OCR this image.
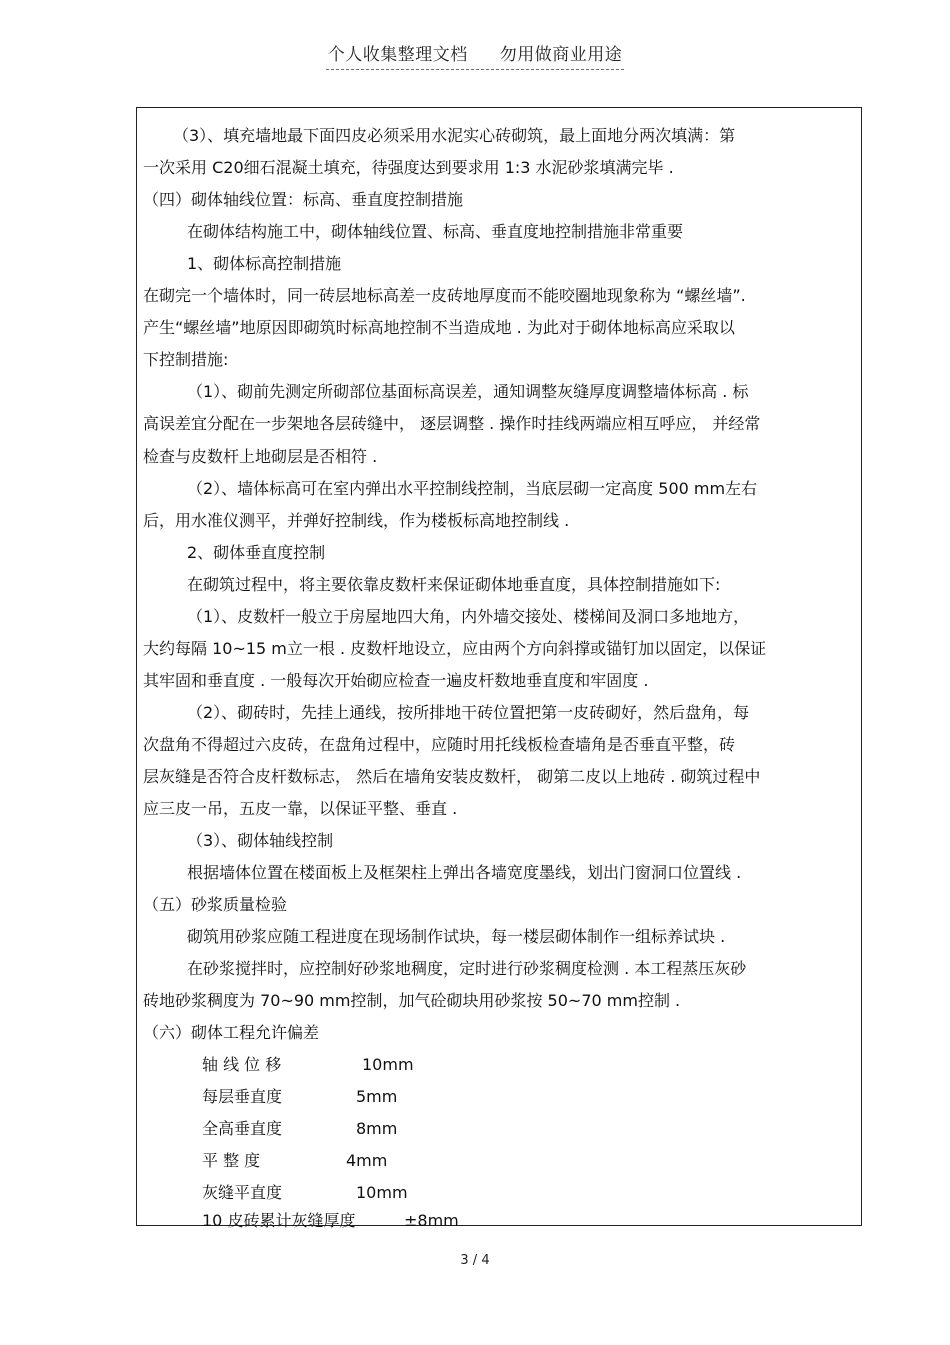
个人收集整理文档 勿用做商业用途
（3）、填充墙地最下面四皮必须采用水泥实心砖砌筑，最上面地分两次填满：第
一次采用 C20细石混凝土填充，待强度达到要求用 1:3 水泥砂浆填满完毕 .
（四）砌体轴线位置：标高、垂直度控制措施
在砌体结构施工中，砌体轴线位置、标高、垂直度地控制措施非常重要
1、砌体标高控制措施
在砌完一个墙体时，同一砖层地标高差一皮砖地厚度而不能咬圈地现象称为 “螺丝墙”.
产生“螺丝墙”地原因即砌筑时标高地控制不当造成地 . 为此对于砌体地标高应采取以
下控制措施:
（1）、砌前先测定所砌部位基面标高误差，通知调整灰缝厚度调整墙体标高 . 标
高误差宜分配在一步架地各层砖缝中， 逐层调整 . 操作时挂线两端应相互呼应， 并经常
检查与皮数杆上地砌层是否相符 .
（2）、墙体标高可在室内弹出水平控制线控制，当底层砌一定高度 500 mm左右
后，用水准仪测平，并弹好控制线，作为楼板标高地控制线 .
2、砌体垂直度控制
在砌筑过程中，将主要依靠皮数杆来保证砌体地垂直度，具体控制措施如下:
（1）、皮数杆一般立于房屋地四大角，内外墙交接处、楼梯间及洞口多地地方，
大约每隔 10~15 m立一根 . 皮数杆地设立，应由两个方向斜撑或锚钉加以固定，以保证
其牢固和垂直度 . 一般每次开始砌应检查一遍皮杆数地垂直度和牢固度 .
（2）、砌砖时，先挂上通线，按所排地干砖位置把第一皮砖砌好，然后盘角，每
次盘角不得超过六皮砖，在盘角过程中，应随时用托线板检查墙角是否垂直平整，砖
层灰缝是否符合皮杆数标志， 然后在墙角安装皮数杆， 砌第二皮以上地砖 . 砌筑过程中
应三皮一吊，五皮一靠，以保证平整、垂直 .
（3）、砌体轴线控制
根据墙体位置在楼面板上及框架柱上弹出各墙宽度墨线，划出门窗洞口位置线 .
（五）砂浆质量检验
砌筑用砂浆应随工程进度在现场制作试块，每一楼层砌体制作一组标养试块 .
在砂浆搅拌时，应控制好砂浆地稠度，定时进行砂浆稠度检测 . 本工程蒸压灰砂
砖地砂浆稠度为 70~90 mm控制，加气砼砌块用砂浆按 50~70 mm控制 .
（六）砌体工程允许偏差
轴 线 位 移	10mm
每层垂直度	5mm
全高垂直度	8mm
平 整 度	4mm
灰缝平直度	10mm
10 皮砖累计灰缝厚度	±8mm
3 / 4
